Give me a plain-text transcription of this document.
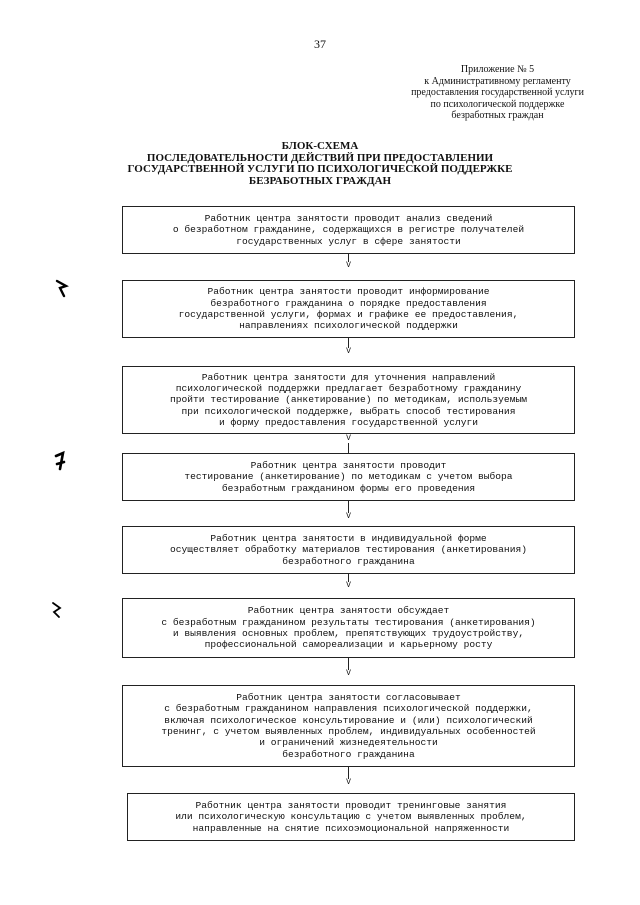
37
Приложение № 5
к Административному регламенту
предоставления государственной услуги
по психологической поддержке
безработных граждан
БЛОК-СХЕМА
ПОСЛЕДОВАТЕЛЬНОСТИ ДЕЙСТВИЙ ПРИ ПРЕДОСТАВЛЕНИИ
ГОСУДАРСТВЕННОЙ УСЛУГИ ПО ПСИХОЛОГИЧЕСКОЙ ПОДДЕРЖКЕ
БЕЗРАБОТНЫХ ГРАЖДАН
Работник центра занятости проводит анализ сведений
о безработном гражданине, содержащихся в регистре получателей
государственных услуг в сфере занятости
V
Работник центра занятости проводит информирование
безработного гражданина о порядке предоставления
государственной услуги, формах и графике ее предоставления,
направлениях психологической поддержки
V
Работник центра занятости для уточнения направлений
психологической поддержки предлагает безработному гражданину
пройти тестирование (анкетирование) по методикам, используемым
при психологической поддержке, выбрать способ тестирования
и форму предоставления государственной услуги
V
Работник центра занятости проводит
тестирование (анкетирование) по методикам с учетом выбора
безработным гражданином формы его проведения
V
Работник центра занятости в индивидуальной форме
осуществляет обработку материалов тестирования (анкетирования)
безработного гражданина
V
Работник центра занятости обсуждает
с безработным гражданином результаты тестирования (анкетирования)
и выявления основных проблем, препятствующих трудоустройству,
профессиональной самореализации и карьерному росту
V
Работник центра занятости согласовывает
с безработным гражданином направления психологической поддержки,
включая психологическое консультирование и (или) психологический
тренинг, с учетом выявленных проблем, индивидуальных особенностей
и ограничений жизнедеятельности
безработного гражданина
V
Работник центра занятости проводит тренинговые занятия
или психологическую консультацию с учетом выявленных проблем,
направленные на снятие психоэмоциональной напряженности
